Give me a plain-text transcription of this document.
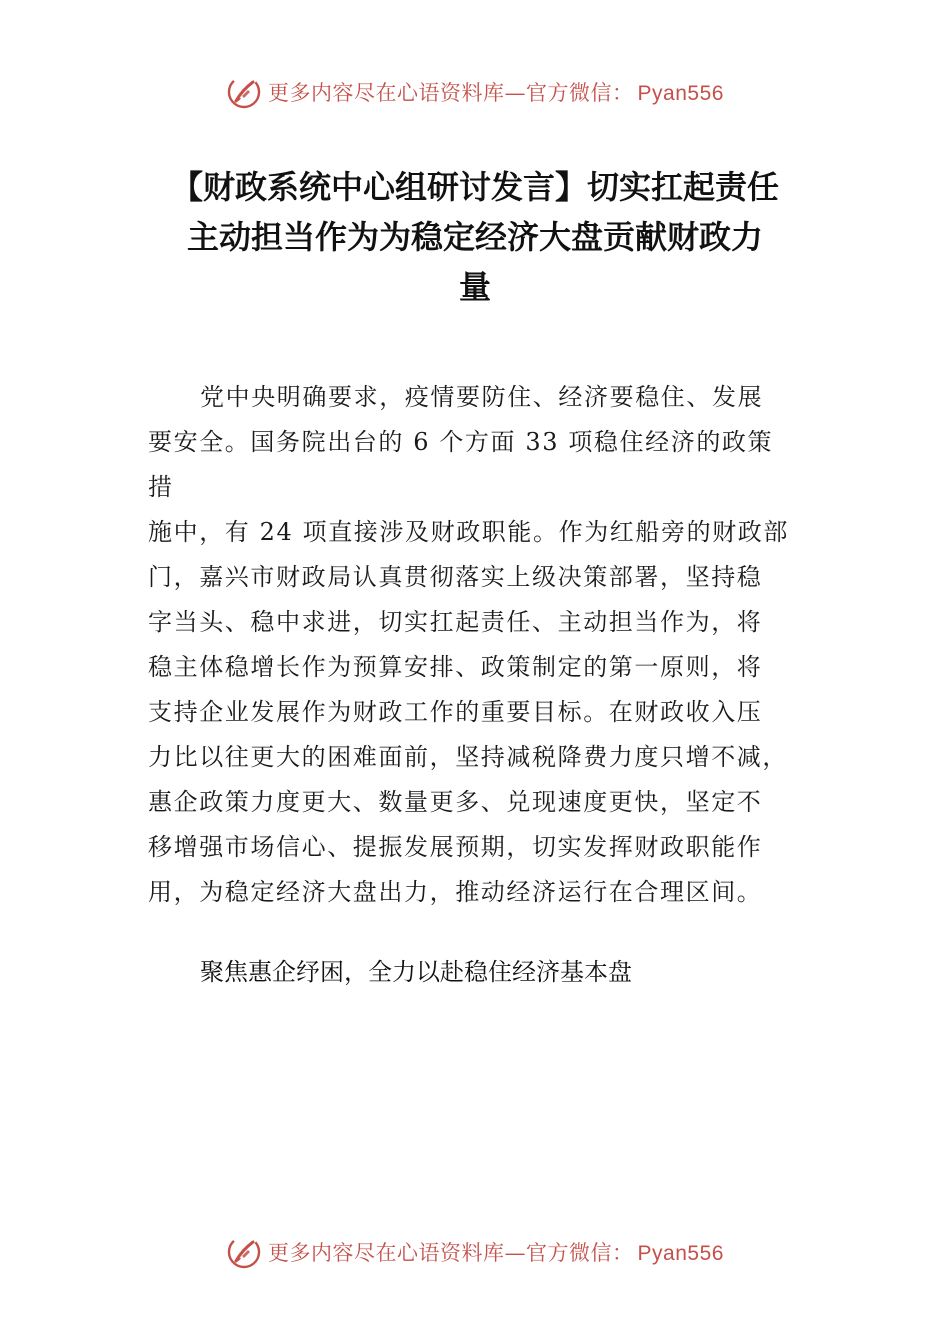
更多内容尽在心语资料库—官方微信： Pyan556
【财政系统中心组研讨发言】切实扛起责任
主动担当作为为稳定经济大盘贡献财政力
量
党中央明确要求，疫情要防住、经济要稳住、发展
要安全。国务院出台的 6 个方面 33 项稳住经济的政策
措
施中，有 24 项直接涉及财政职能。作为红船旁的财政部
门，嘉兴市财政局认真贯彻落实上级决策部署，坚持稳
字当头、稳中求进，切实扛起责任、主动担当作为，将
稳主体稳增长作为预算安排、政策制定的第一原则，将
支持企业发展作为财政工作的重要目标。在财政收入压
力比以往更大的困难面前，坚持减税降费力度只增不减，
惠企政策力度更大、数量更多、兑现速度更快，坚定不
移增强市场信心、提振发展预期，切实发挥财政职能作
用，为稳定经济大盘出力，推动经济运行在合理区间。
聚焦惠企纾困，全力以赴稳住经济基本盘
更多内容尽在心语资料库—官方微信： Pyan556
